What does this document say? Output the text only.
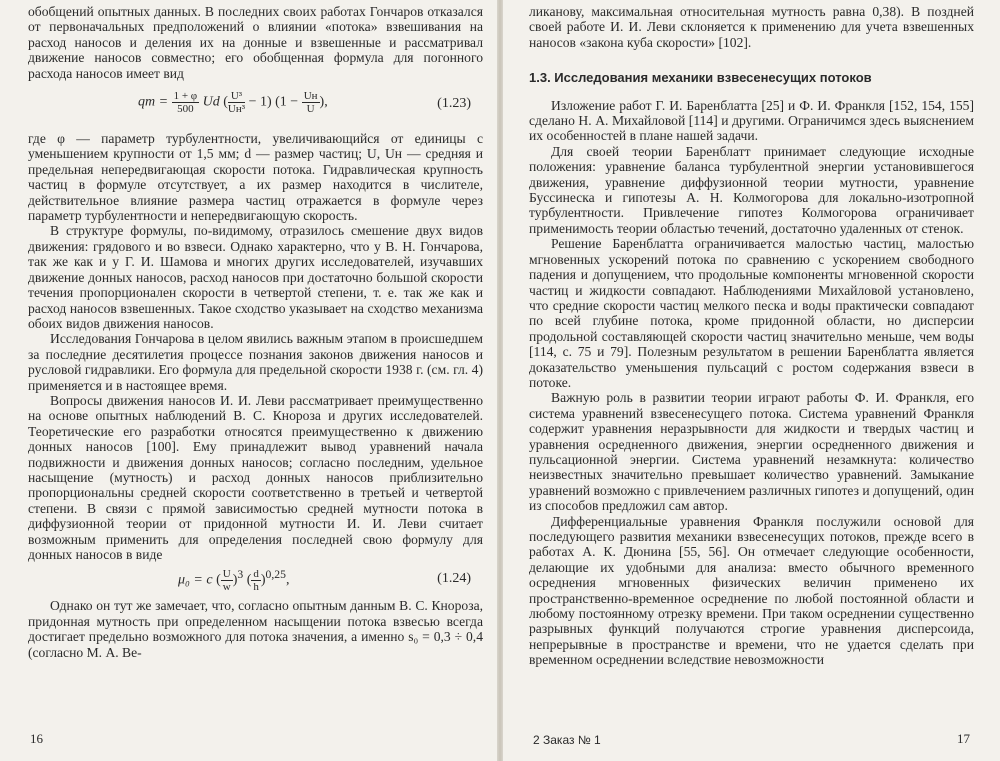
обобщений опытных данных. В последних своих работах Гончаров отказался от первоначальных предположений о влиянии «потока» взвешивания на расход наносов и деления их на донные и взвешенные и рассматривал движение наносов совместно; его обобщенная формула для погонного расхода наносов имеет вид

qт = $\frac{1 + \varphi}{500}$ Ud ( $\frac{\text{U³}}{\text{Uн³}} - 1$) ($1 - \frac{Uн}{U}$ ),	(1.23)

где φ — параметр турбулентности, увеличивающийся от единицы с уменьшением крупности от 1,5 мм; d — размер частиц; U, Uн — средняя и предельная непередвигающая скорости потока. Гидравлическая крупность частиц в формуле отсутствует, а их размер находится в числителе, действительное влияние размера частиц отражается в формуле через параметр турбулентности и непередвигающую скорость.

В структуре формулы, по-видимому, отразилось смешение двух видов движения: грядового и во взвеси. Однако характерно, что у В. Н. Гончарова, так же как и у Г. И. Шамова и многих других исследователей, изучавших движение донных наносов, расход наносов при достаточно большой скорости течения пропорционален скорости в четвертой степени, т. е. так же как и расход наносов взвешенных. Такое сходство указывает на сходство механизма обоих видов движения наносов.

Исследования Гончарова в целом явились важным этапом в происшедшем за последние десятилетия процессе познания законов движения наносов и русловой гидравлики. Его формула для предельной скорости 1938 г. (см. гл. 4) применяется и в настоящее время.

Вопросы движения наносов И. И. Леви рассматривает преимущественно на основе опытных наблюдений В. С. Кнороза и других исследователей. Теоретические его разработки относятся преимущественно к движению донных наносов [100]. Ему принадлежит вывод уравнений начала подвижности и движения донных наносов; согласно последним, удельное насыщение (мутность) и расход донных наносов приблизительно пропорциональны средней скорости соответственно в третьей и четвертой степени. В связи с прямой зависимостью средней мутности потока в диффузионной теории от придонной мутности И. И. Леви считает возможным применить для определения последней свою формулу для донных наносов в виде

μ₀ = c ( $\frac{U}{w} )^3$ ( $\frac{d}{h} )^{0,25}$,	(1.24)

Однако он тут же замечает, что, согласно опытным данным В. С. Кнороза, придонная мутность при определенном насыщении потока взвесью всегда достигает предельно возможного для потока значения, а именно s₀ = 0,3 ÷ 0,4 (согласно М. А. Ве-

16

ликанову, максимальная относительная мутность равна 0,38). В поздней своей работе И. И. Леви склоняется к применению для учета взвешенных наносов «закона куба скорости» [102].

1.3. Исследования механики взвесенесущих потоков

Изложение работ Г. И. Баренблатта [25] и Ф. И. Франкля [152, 154, 155] сделано Н. А. Михайловой [114] и другими. Ограничимся здесь выяснением их особенностей в плане нашей задачи.

Для своей теории Баренблатт принимает следующие исходные положения: уравнение баланса турбулентной энергии установившегося движения, уравнение диффузионной теории мутности, уравнение Буссинеска и гипотезы А. Н. Колмогорова для локально-изотропной турбулентности. Привлечение гипотез Колмогорова ограничивает применимость теории областью течений, достаточно удаленных от стенок.

Решение Баренблатта ограничивается малостью частиц, малостью мгновенных ускорений потока по сравнению с ускорением свободного падения и допущением, что продольные компоненты мгновенной скорости частиц и жидкости совпадают. Наблюдениями Михайловой установлено, что средние скорости частиц мелкого песка и воды практически совпадают по всей глубине потока, кроме придонной области, но дисперсии продольной составляющей скорости частиц значительно меньше, чем воды [114, с. 75 и 79]. Полезным результатом в решении Баренблатта является доказательство уменьшения пульсаций с ростом содержания взвеси в потоке.

Важную роль в развитии теории играют работы Ф. И. Франкля, его система уравнений взвесенесущего потока. Система уравнений Франкля содержит уравнения неразрывности для жидкости и твердых частиц и уравнения осредненного движения, энергии осредненного движения и пульсационной энергии. Система уравнений незамкнута: количество неизвестных значительно превышает количество уравнений. Замыкание уравнений возможно с привлечением различных гипотез и допущений, один из способов предложил сам автор.

Дифференциальные уравнения Франкля послужили основой для последующего развития механики взвесенесущих потоков, прежде всего в работах А. К. Дюнина [55, 56]. Он отмечает следующие особенности, делающие их удобными для анализа: вместо обычного временного осреднения мгновенных физических величин применено их пространственно-временное осреднение по любой постоянной области и любому постоянному отрезку времени. При таком осреднении существенно разрывных функций получаются строгие уравнения дисперсоида, непрерывные в пространстве и времени, что не удается сделать при временном осреднении вследствие невозможности

2 Заказ № 1	17
